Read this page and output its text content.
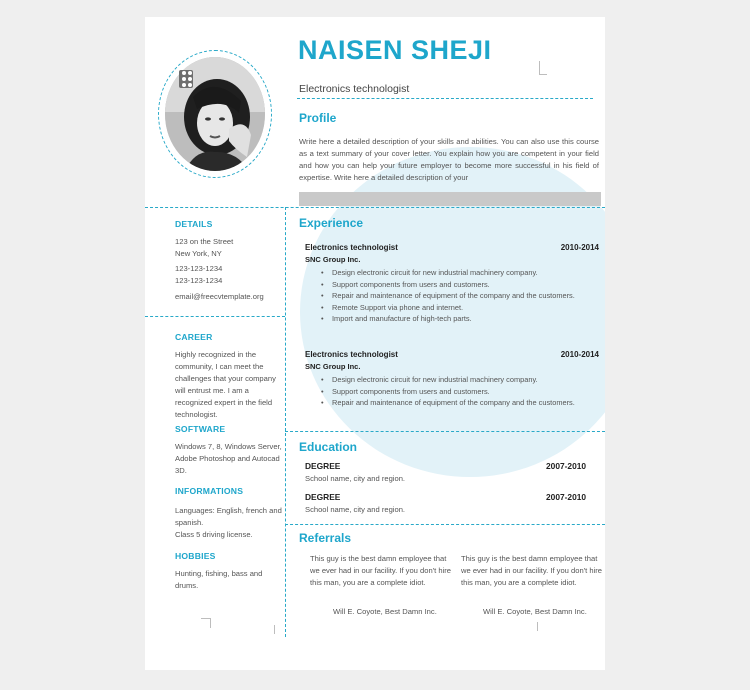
NAISEN SHEJI
Electronics technologist
Profile
Write here a detailed description of your skills and abilities. You can also use this course as a text summary of your cover letter. You explain how you are competent in your field and how you can help your future employer to become more successful in his field of expertise. Write here a detailed description of your
DETAILS
123 on the Street
New York, NY
123-123-1234
123-123-1234
email@freecvtemplate.org
CAREER
Highly recognized in the community, I can meet the challenges that your company will entrust me. I am a recognized expert in the field technologist.
SOFTWARE
Windows 7, 8, Windows Server, Adobe Photoshop and Autocad 3D.
INFORMATIONS
Languages: English, french and spanish.
Class 5 driving license.
HOBBIES
Hunting, fishing, bass and drums.
Experience
Electronics technologist	2010-2014
SNC Group Inc.
• Design electronic circuit for new industrial machinery company.
• Support components from users and customers.
• Repair and maintenance of equipment of the company and the customers.
• Remote Support via phone and internet.
• Import and manufacture of high-tech parts.
Electronics technologist	2010-2014
SNC Group Inc.
• Design electronic circuit for new industrial machinery company.
• Support components from users and customers.
• Repair and maintenance of equipment of the company and the customers.
Education
DEGREE	2007-2010
School name, city and region.
DEGREE	2007-2010
School name, city and region.
Referrals
This guy is the best damn employee that we ever had in our facility. If you don't hire this man, you are a complete idiot.
Will E. Coyote, Best Damn Inc.
This guy is the best damn employee that we ever had in our facility. If you don't hire this man, you are a complete idiot.
Will E. Coyote, Best Damn Inc.
